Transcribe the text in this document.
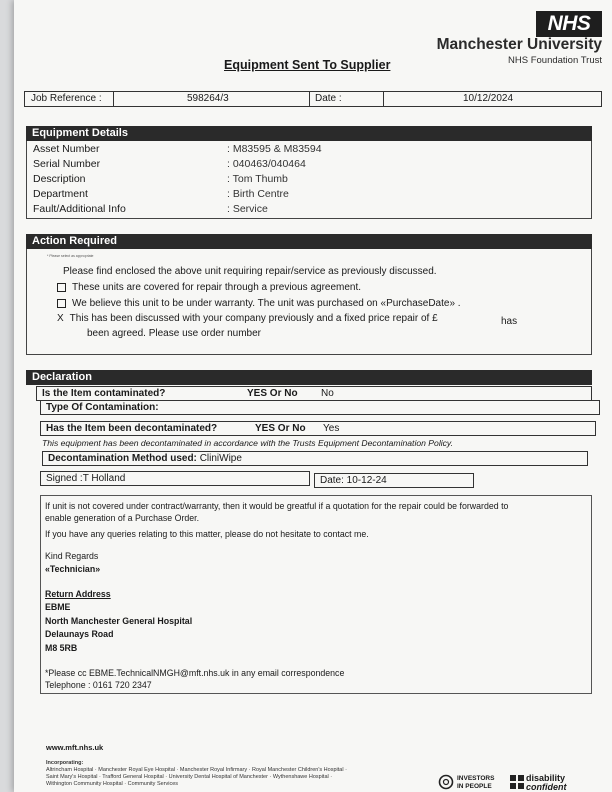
NHS
Manchester University
NHS Foundation Trust
Equipment Sent To Supplier
Job Reference :	598264/3	Date :	10/12/2024
Equipment Details
Asset Number	: M83595 & M83594
Serial Number	: 040463/040464
Description	: Tom Thumb
Department	: Birth Centre
Fault/Additional Info	: Service
Action Required
* Please select as appropriate
Please find enclosed the above unit requiring repair/service as previously discussed.
These units are covered for repair through a previous agreement.
We believe this unit to be under warranty. The unit was purchased on «PurchaseDate» .
X This has been discussed with your company previously and a fixed price repair of £	has
been agreed. Please use order number
Declaration
Is the Item contaminated?	YES Or No No
Type Of Contamination:
Has the Item been decontaminated?	YES Or No Yes
This equipment has been decontaminated in accordance with the Trusts Equipment Decontamination Policy.
Decontamination Method used: CliniWipe
Signed :T Holland	Date: 10-12-24
If unit is not covered under contract/warranty, then it would be greatful if a quotation for the repair could be forwarded to
enable generation of a Purchase Order.
If you have any queries relating to this matter, please do not hesitate to contact me.
Kind Regards
«Technician»
Return Address
EBME
North Manchester General Hospital
Delaunays Road
M8 5RB
*Please cc EBME.TechnicalNMGH@mft.nhs.uk in any email correspondence
Telephone : 0161 720 2347
www.mft.nhs.uk
Incorporating:
Altrincham Hospital · Manchester Royal Eye Hospital · Manchester Royal Infirmary · Royal Manchester Children's Hospital ·
Saint Mary's Hospital · Trafford General Hospital · University Dental Hospital of Manchester · Wythenshawe Hospital ·
Withington Community Hospital · Community Services
INVESTORS
IN PEOPLE
disability
confident
